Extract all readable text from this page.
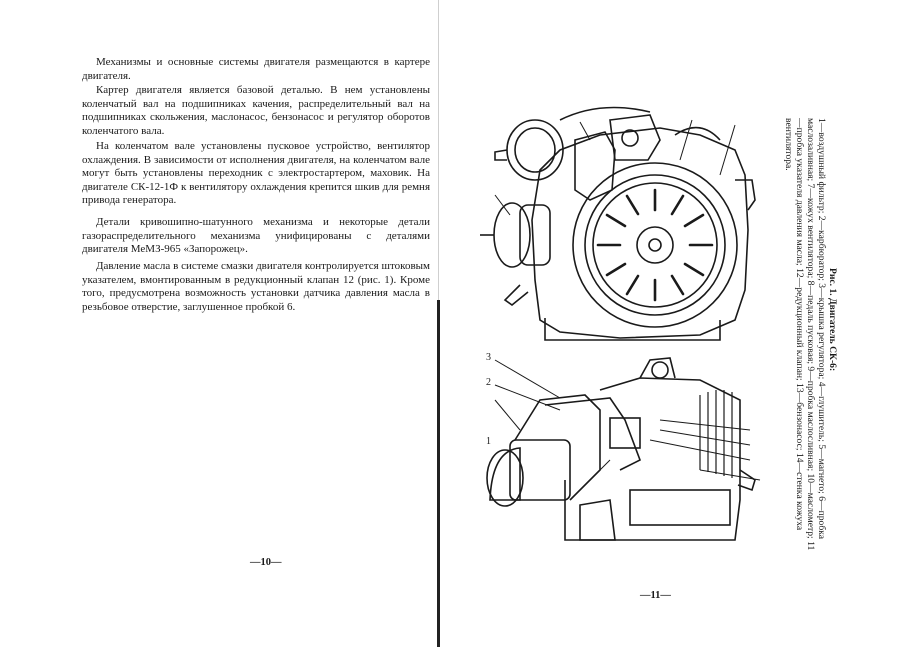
Механизмы и основные системы двигателя размещаются в картере двигателя.

Картер двигателя является базовой деталью. В нем установлены коленчатый вал на подшипниках качения, распределительный вал на подшипниках скольжения, маслонасос, бензонасос и регулятор оборотов коленчатого вала.

На коленчатом вале установлены пусковое устройство, вентилятор охлаждения. В зависимости от исполнения двигателя, на коленчатом вале могут быть установлены переходник с электростартером, маховик. На двигателе СК-12-1Ф к вентилятору охлаждения крепится шкив для ремня привода генератора.

Детали кривошипно-шатунного механизма и некоторые детали газораспределительного механизма унифицированы с деталями двигателя МеМЗ-965 «Запорожец».

Давление масла в системе смазки двигателя контролируется штоковым указателем, вмонтированным в редукционный клапан 12 (рис. 1). Кроме того, предусмотрена возможность установки датчика давления масла в резьбовое отверстие, заглушенное пробкой 6.

—10—
3
2
1
Рис. 1. Двигатель СК-6:
1—воздушный фильтр; 2—карбюратор; 3—крышка регулятора; 4—глушитель; 5—магнето; 6—пробка маслозаливная; 7—кожух вентилятора; 8—педаль пусковая; 9—пробка маслосливная; 10—маслометр; 11—пробка указателя давления масла; 12—редукционный клапан; 13—бензонасос; 14—стенка кожуха вентилятора.
—11—
